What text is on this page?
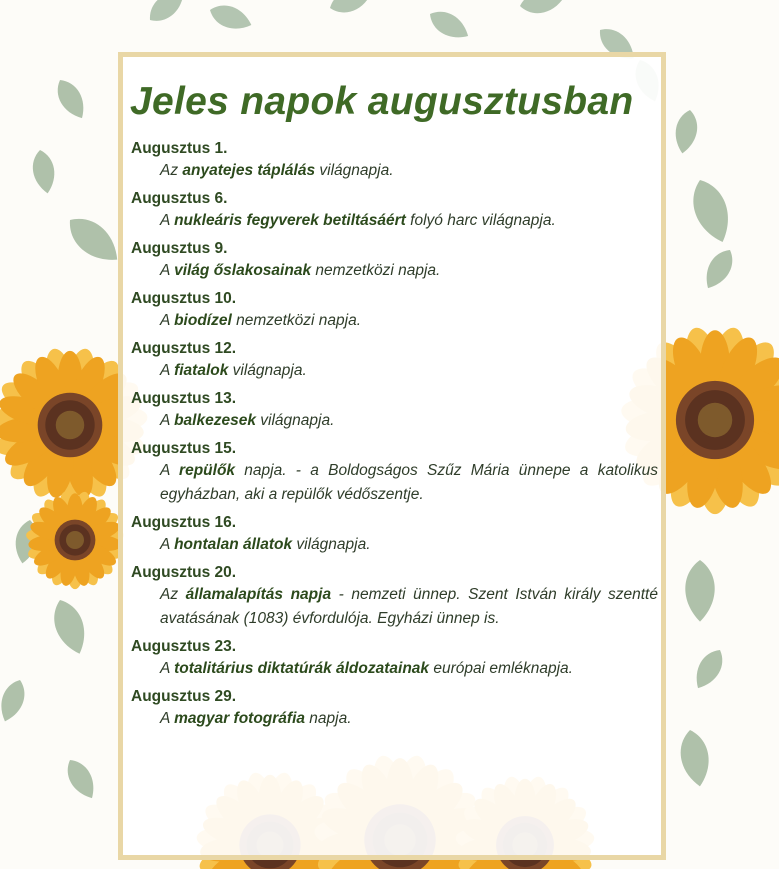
Jeles napok augusztusban
Augusztus 1.
Az anyatejes táplálás világnapja.
Augusztus 6.
A nukleáris fegyverek betiltásáért folyó harc világnapja.
Augusztus 9.
A világ őslakosainak nemzetközi napja.
Augusztus 10.
A biodízel nemzetközi napja.
Augusztus 12.
A fiatalok világnapja.
Augusztus 13.
A balkezesek világnapja.
Augusztus 15.
A repülők napja. - a Boldogságos Szűz Mária ünnepe a katolikus egyházban, aki a repülők védőszentje.
Augusztus 16.
A hontalan állatok világnapja.
Augusztus 20.
Az államalapítás napja - nemzeti ünnep. Szent István király szentté avatásának (1083) évfordulója. Egyházi ünnep is.
Augusztus 23.
A totalitárius diktatúrák áldozatainak európai emléknapja.
Augusztus 29.
A magyar fotográfia napja.
